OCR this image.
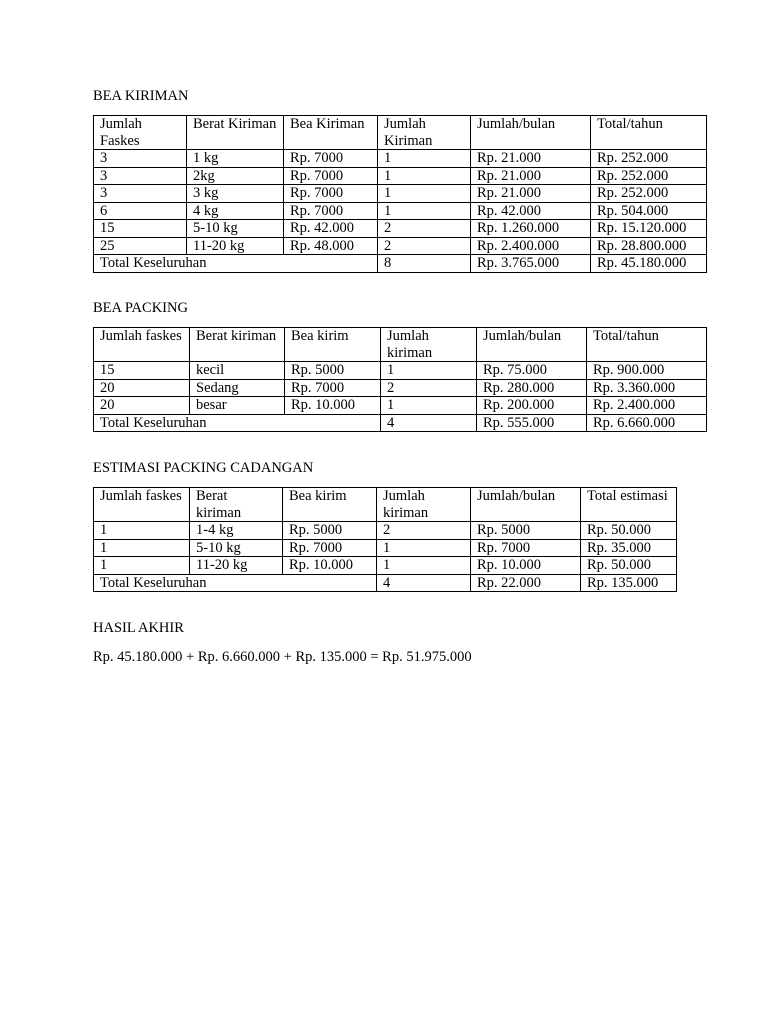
BEA KIRIMAN
Jumlah Faskes	Berat Kiriman	Bea Kiriman	Jumlah Kiriman	Jumlah/bulan	Total/tahun
3	1 kg	Rp. 7000	1	Rp. 21.000	Rp. 252.000
3	2kg	Rp. 7000	1	Rp. 21.000	Rp. 252.000
3	3 kg	Rp. 7000	1	Rp. 21.000	Rp. 252.000
6	4 kg	Rp. 7000	1	Rp. 42.000	Rp. 504.000
15	5-10 kg	Rp. 42.000	2	Rp. 1.260.000	Rp. 15.120.000
25	11-20 kg	Rp. 48.000	2	Rp. 2.400.000	Rp. 28.800.000
Total Keseluruhan			8	Rp. 3.765.000	Rp. 45.180.000
BEA PACKING
Jumlah faskes	Berat kiriman	Bea kirim	Jumlah kiriman	Jumlah/bulan	Total/tahun
15	kecil	Rp. 5000	1	Rp. 75.000	Rp. 900.000
20	Sedang	Rp. 7000	2	Rp. 280.000	Rp. 3.360.000
20	besar	Rp. 10.000	1	Rp. 200.000	Rp. 2.400.000
Total Keseluruhan			4	Rp. 555.000	Rp. 6.660.000
ESTIMASI PACKING CADANGAN
Jumlah faskes	Berat kiriman	Bea kirim	Jumlah kiriman	Jumlah/bulan	Total estimasi
1	1-4 kg	Rp. 5000	2	Rp. 5000	Rp. 50.000
1	5-10 kg	Rp. 7000	1	Rp. 7000	Rp. 35.000
1	11-20 kg	Rp. 10.000	1	Rp. 10.000	Rp. 50.000
Total Keseluruhan			4	Rp. 22.000	Rp. 135.000
HASIL AKHIR

Rp. 45.180.000 + Rp. 6.660.000 + Rp. 135.000 = Rp. 51.975.000
